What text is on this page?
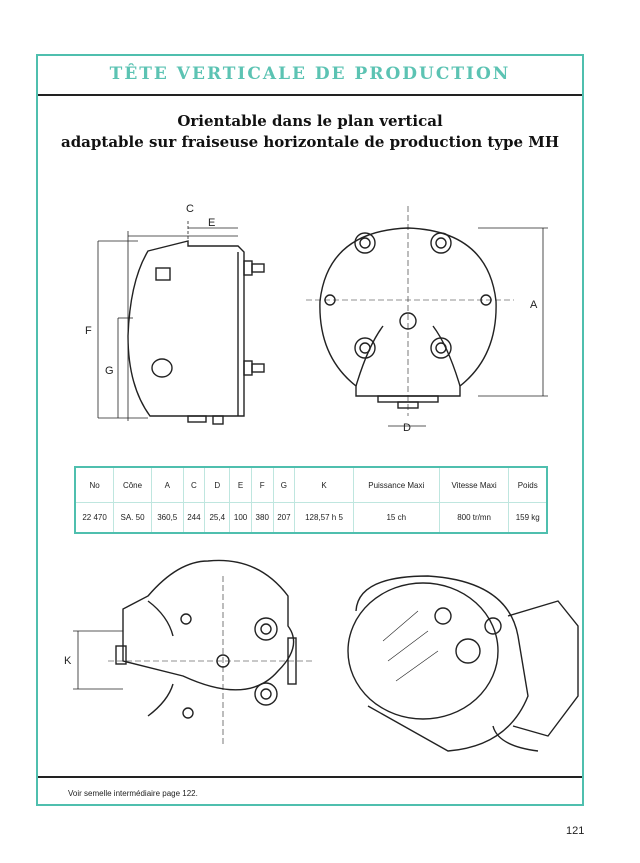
TÊTE VERTICALE DE PRODUCTION
Orientable dans le plan vertical
adaptable sur fraiseuse horizontale de production type MH
C
E
F
G
A
D
K
No	Cône	A	C	D	E	F	G	K	Puissance Maxi	Vitesse Maxi	Poids
22 470	SA. 50	360,5	244	25,4	100	380	207	128,57 h 5	15 ch	800 tr/mn	159 kg
Voir semelle intermédiaire page 122.
121
